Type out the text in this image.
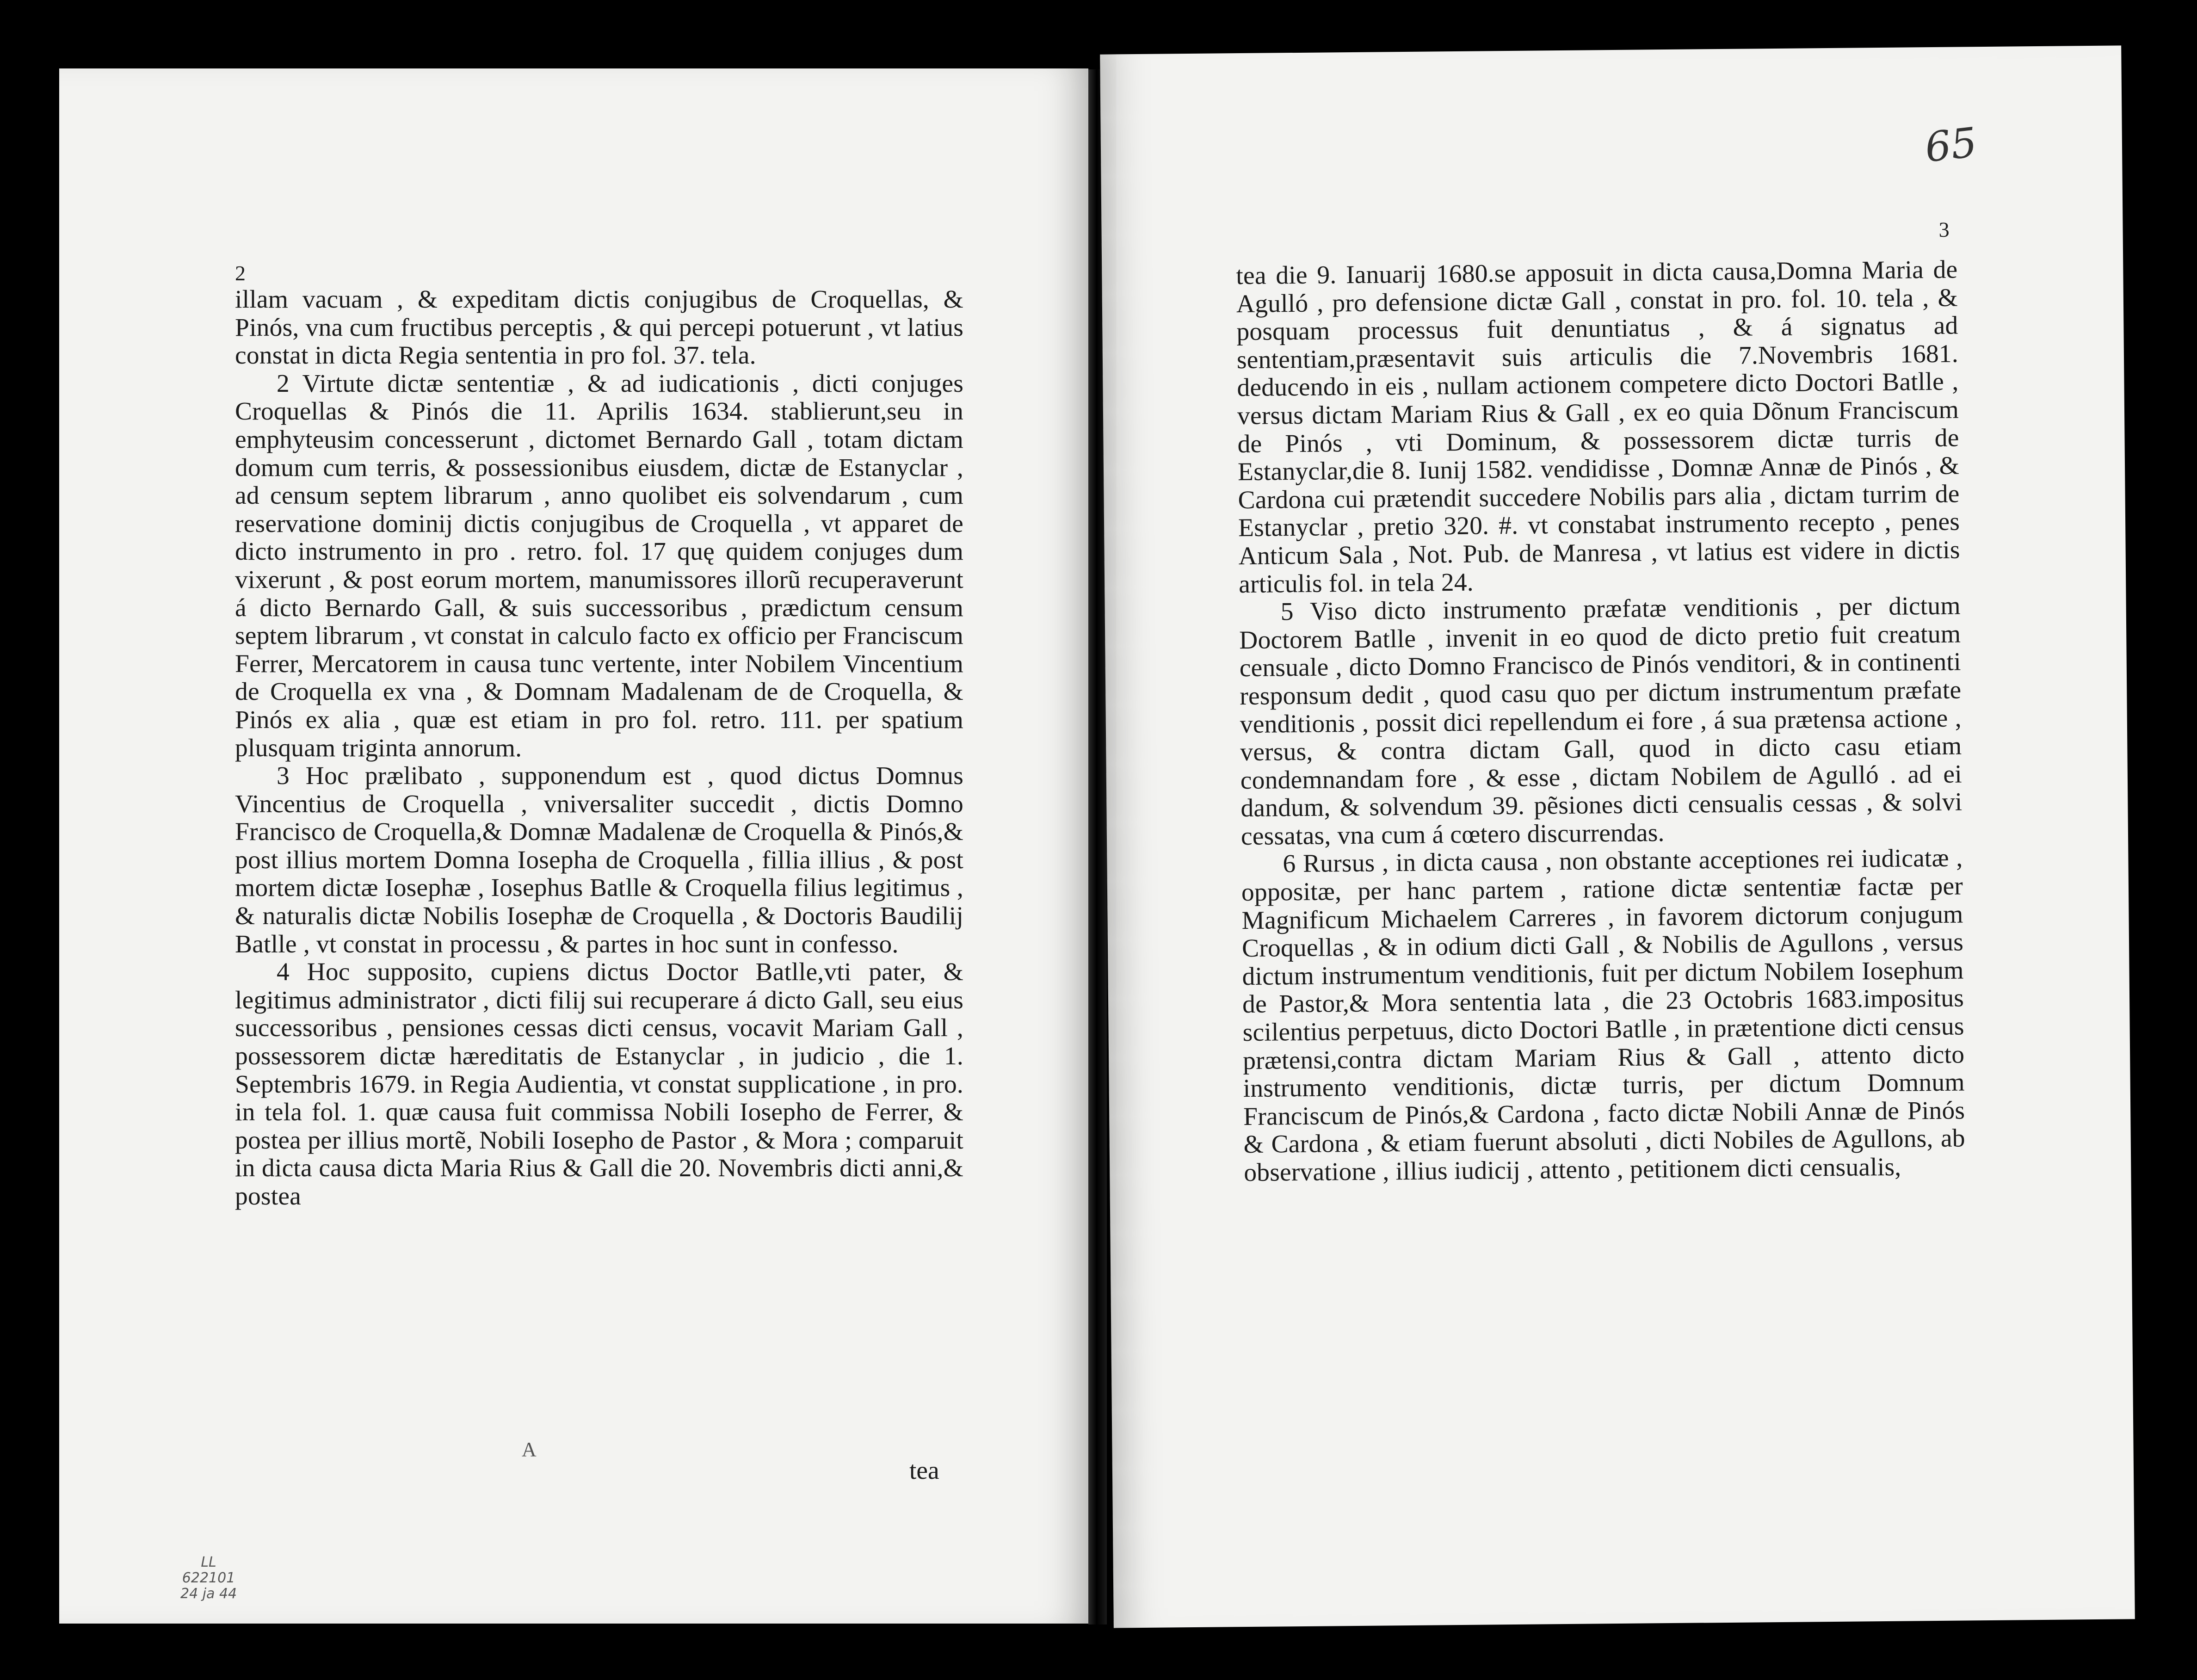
2

illam vacuam , & expeditam dictis conjugibus de Croquellas, & Pinós, vna cum fructibus perceptis , & qui percepi potuerunt , vt latius constat in dicta Regia sententia in pro fol. 37. tela.

2 Virtute dictæ sententiæ , & ad iudicationis , dicti conjuges Croquellas & Pinós die 11. Aprilis 1634. stablierunt,seu in emphyteusim concesserunt , dictomet Bernardo Gall , totam dictam domum cum terris, & possessionibus eiusdem, dictæ de Estanyclar , ad censum septem librarum , anno quolibet eis solvendarum , cum reservatione dominij dictis conjugibus de Croquella , vt apparet de dicto instrumento in pro . retro. fol. 17 quę quidem conjuges dum vixerunt , & post eorum mortem, manumissores illorũ recuperaverunt á dicto Bernardo Gall, & suis successoribus , prædictum censum septem librarum , vt constat in calculo facto ex officio per Franciscum Ferrer, Mercatorem in causa tunc vertente, inter Nobilem Vincentium de Croquella ex vna , & Domnam Madalenam de de Croquella, & Pinós ex alia , quæ est etiam in pro fol. retro. 111. per spatium plusquam triginta annorum.

3 Hoc prælibato , supponendum est , quod dictus Domnus Vincentius de Croquella , vniversaliter succedit , dictis Domno Francisco de Croquella,& Domnæ Madalenæ de Croquella & Pinós,& post illius mortem Domna Iosepha de Croquella , fillia illius , & post mortem dictæ Iosephæ , Iosephus Batlle & Croquella filius legitimus , & naturalis dictæ Nobilis Iosephæ de Croquella , & Doctoris Baudilij Batlle , vt constat in processu , & partes in hoc sunt in confesso.

4 Hoc supposito, cupiens dictus Doctor Batlle,vti pater, & legitimus administrator , dicti filij sui recuperare á dicto Gall, seu eius successoribus , pensiones cessas dicti census, vocavit Mariam Gall , possessorem dictæ hæreditatis de Estanyclar , in judicio , die 1. Septembris 1679. in Regia Audientia, vt constat supplicatione , in pro. in tela fol. 1. quæ causa fuit commissa Nobili Iosepho de Ferrer, & postea per illius mortẽ, Nobili Iosepho de Pastor , & Mora ; comparuit in dicta causa dicta Maria Rius & Gall die 20. Novembris dicti anni,& postea

tea
A
LL
622101
24 ja 44
65
3

tea die 9. Ianuarij 1680.se apposuit in dicta causa,Domna Maria de Agulló , pro defensione dictæ Gall , constat in pro. fol. 10. tela , & posquam processus fuit denuntiatus , & á signatus ad sententiam,præsentavit suis articulis die 7.Novembris 1681. deducendo in eis , nullam actionem competere dicto Doctori Batlle , versus dictam Mariam Rius & Gall , ex eo quia Dõnum Franciscum de Pinós , vti Dominum, & possessorem dictæ turris de Estanyclar,die 8. Iunij 1582. vendidisse , Domnæ Annæ de Pinós , & Cardona cui prætendit succedere Nobilis pars alia , dictam turrim de Estanyclar , pretio 320. #. vt constabat instrumento recepto , penes Anticum Sala , Not. Pub. de Manresa , vt latius est videre in dictis articulis fol. in tela 24.

5 Viso dicto instrumento præfatæ venditionis , per dictum Doctorem Batlle , invenit in eo quod de dicto pretio fuit creatum censuale , dicto Domno Francisco de Pinós venditori, & in continenti responsum dedit , quod casu quo per dictum instrumentum præfate venditionis , possit dici repellendum ei fore , á sua prætensa actione , versus, & contra dictam Gall, quod in dicto casu etiam condemnandam fore , & esse , dictam Nobilem de Agulló . ad ei dandum, & solvendum 39. pẽsiones dicti censualis cessas , & solvi cessatas, vna cum á cœtero discurrendas.

6 Rursus , in dicta causa , non obstante acceptiones rei iudicatæ , oppositæ, per hanc partem , ratione dictæ sententiæ factæ per Magnificum Michaelem Carreres , in favorem dictorum conjugum Croquellas , & in odium dicti Gall , & Nobilis de Agullons , versus dictum instrumentum venditionis, fuit per dictum Nobilem Iosephum de Pastor,& Mora sententia lata , die 23 Octobris 1683.impositus scilentius perpetuus, dicto Doctori Batlle , in prætentione dicti census prætensi,contra dictam Mariam Rius & Gall , attento dicto instrumento venditionis, dictæ turris, per dictum Domnum Franciscum de Pinós,& Cardona , facto dictæ Nobili Annæ de Pinós & Cardona , & etiam fuerunt absoluti , dicti Nobiles de Agullons, ab observatione , illius iudicij , attento , petitionem dicti censualis,
